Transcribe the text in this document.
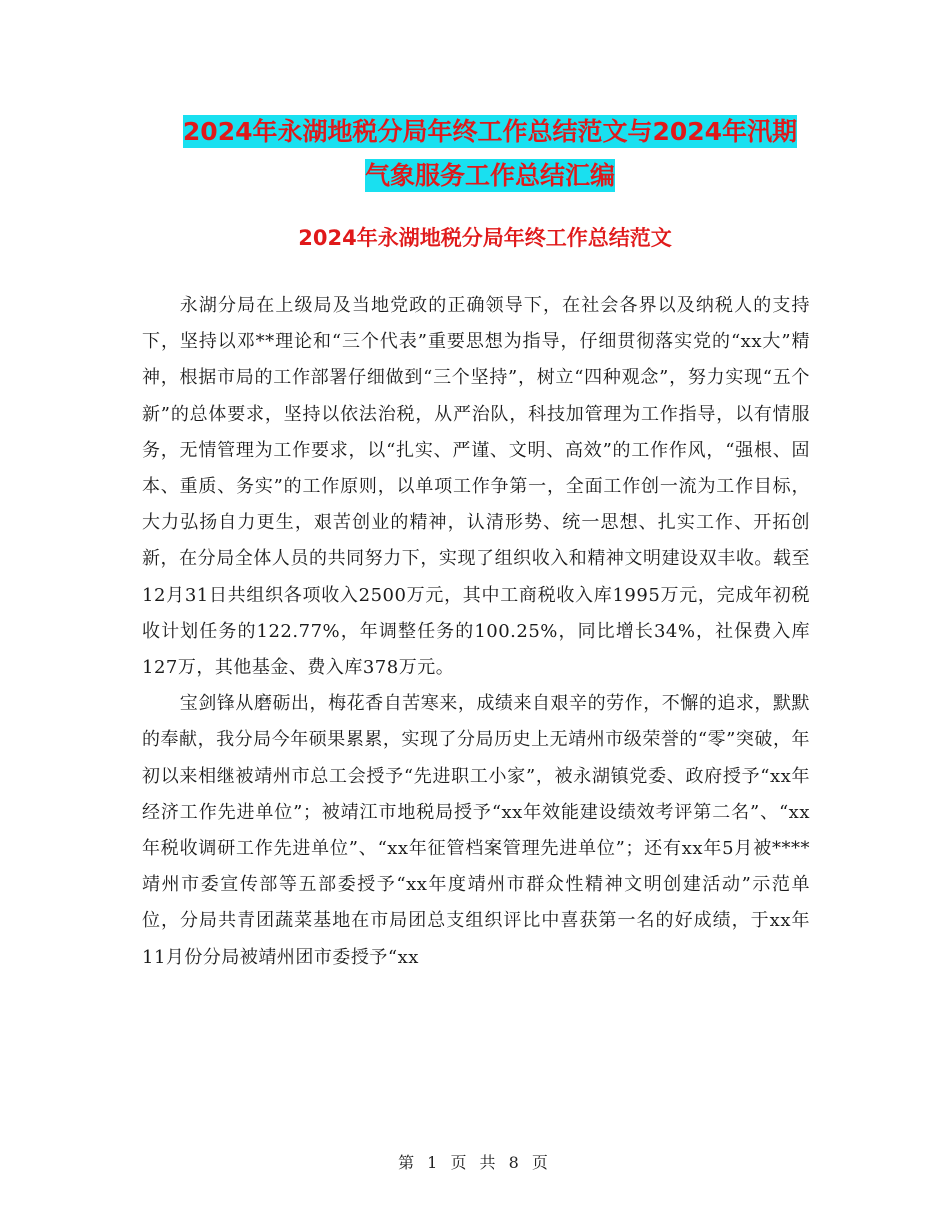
2024年永湖地税分局年终工作总结范文与2024年汛期
气象服务工作总结汇编
2024年永湖地税分局年终工作总结范文

永湖分局在上级局及当地党政的正确领导下，在社会各界以及纳税人的支持下，坚持以邓**理论和“三个代表”重要思想为指导，仔细贯彻落实党的“xx大”精神，根据市局的工作部署仔细做到“三个坚持”，树立“四种观念”，努力实现“五个新”的总体要求，坚持以依法治税，从严治队，科技加管理为工作指导，以有情服务，无情管理为工作要求，以“扎实、严谨、文明、高效”的工作作风，“强根、固本、重质、务实”的工作原则，以单项工作争第一，全面工作创一流为工作目标，大力弘扬自力更生，艰苦创业的精神，认清形势、统一思想、扎实工作、开拓创新，在分局全体人员的共同努力下，实现了组织收入和精神文明建设双丰收。载至12月31日共组织各项收入2500万元，其中工商税收入库1995万元，完成年初税收计划任务的122.77%，年调整任务的100.25%，同比增长34%，社保费入库127万，其他基金、费入库378万元。

宝剑锋从磨砺出，梅花香自苦寒来，成绩来自艰辛的劳作，不懈的追求，默默的奉献，我分局今年硕果累累，实现了分局历史上无靖州市级荣誉的“零”突破，年初以来相继被靖州市总工会授予“先进职工小家”，被永湖镇党委、政府授予“xx年经济工作先进单位”；被靖江市地税局授予“xx年效能建设绩效考评第二名”、“xx年税收调研工作先进单位”、“xx年征管档案管理先进单位”；还有xx年5月被****靖州市委宣传部等五部委授予“xx年度靖州市群众性精神文明创建活动”示范单位，分局共青团蔬菜基地在市局团总支组织评比中喜获第一名的好成绩，于xx年11月份分局被靖州团市委授予“xx

第 1 页 共 8 页
